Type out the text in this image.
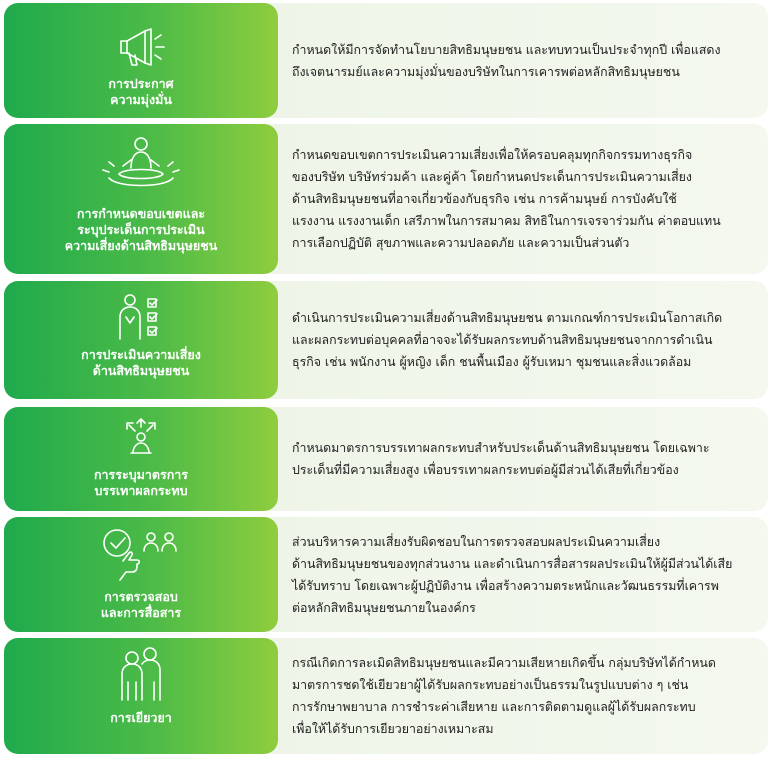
กำหนดให้มีการจัดทำนโยบายสิทธิมนุษยชน และทบทวนเป็นประจำทุกปี เพื่อแสดง
ถึงเจตนารมย์และความมุ่งมั่นของบริษัทในการเคารพต่อหลักสิทธิมนุษยชน
การประกาศ
ความมุ่งมั่น
กำหนดขอบเขตการประเมินความเสี่ยงเพื่อให้ครอบคลุมทุกกิจกรรมทางธุรกิจ
ของบริษัท บริษัทร่วมค้า และคู่ค้า โดยกำหนดประเด็นการประเมินความเสี่ยง
ด้านสิทธิมนุษยชนที่อาจเกี่ยวข้องกับธุรกิจ เช่น การค้ามนุษย์ การบังคับใช้
แรงงาน แรงงานเด็ก เสรีภาพในการสมาคม สิทธิในการเจรจาร่วมกัน ค่าตอบแทน
การเลือกปฏิบัติ สุขภาพและความปลอดภัย และความเป็นส่วนตัว
การกำหนดขอบเขตและ
ระบุประเด็นการประเมิน
ความเสี่ยงด้านสิทธิมนุษยชน
ดำเนินการประเมินความเสี่ยงด้านสิทธิมนุษยชน ตามเกณฑ์การประเมินโอกาสเกิด
และผลกระทบต่อบุคคลที่อาจจะได้รับผลกระทบด้านสิทธิมนุษยชนจากการดำเนิน
ธุรกิจ เช่น พนักงาน ผู้หญิง เด็ก ชนพื้นเมือง ผู้รับเหมา ชุมชนและสิ่งแวดล้อม
การประเมินความเสี่ยง
ด้านสิทธิมนุษยชน
กำหนดมาตรการบรรเทาผลกระทบสำหรับประเด็นด้านสิทธิมนุษยชน โดยเฉพาะ
ประเด็นที่มีความเสี่ยงสูง เพื่อบรรเทาผลกระทบต่อผู้มีส่วนได้เสียที่เกี่ยวข้อง
การระบุมาตรการ
บรรเทาผลกระทบ
ส่วนบริหารความเสี่ยงรับผิดชอบในการตรวจสอบผลประเมินความเสี่ยง
ด้านสิทธิมนุษยชนของทุกส่วนงาน และดำเนินการสื่อสารผลประเมินให้ผู้มีส่วนได้เสีย
ได้รับทราบ โดยเฉพาะผู้ปฏิบัติงาน เพื่อสร้างความตระหนักและวัฒนธรรมที่เคารพ
ต่อหลักสิทธิมนุษยชนภายในองค์กร
การตรวจสอบ
และการสื่อสาร
กรณีเกิดการละเมิดสิทธิมนุษยชนและมีความเสียหายเกิดขึ้น กลุ่มบริษัทได้กำหนด
มาตรการชดใช้เยียวยาผู้ได้รับผลกระทบอย่างเป็นธรรมในรูปแบบต่าง ๆ เช่น
การรักษาพยาบาล การชำระค่าเสียหาย และการติดตามดูแลผู้ได้รับผลกระทบ
เพื่อให้ได้รับการเยียวยาอย่างเหมาะสม
การเยียวยา
